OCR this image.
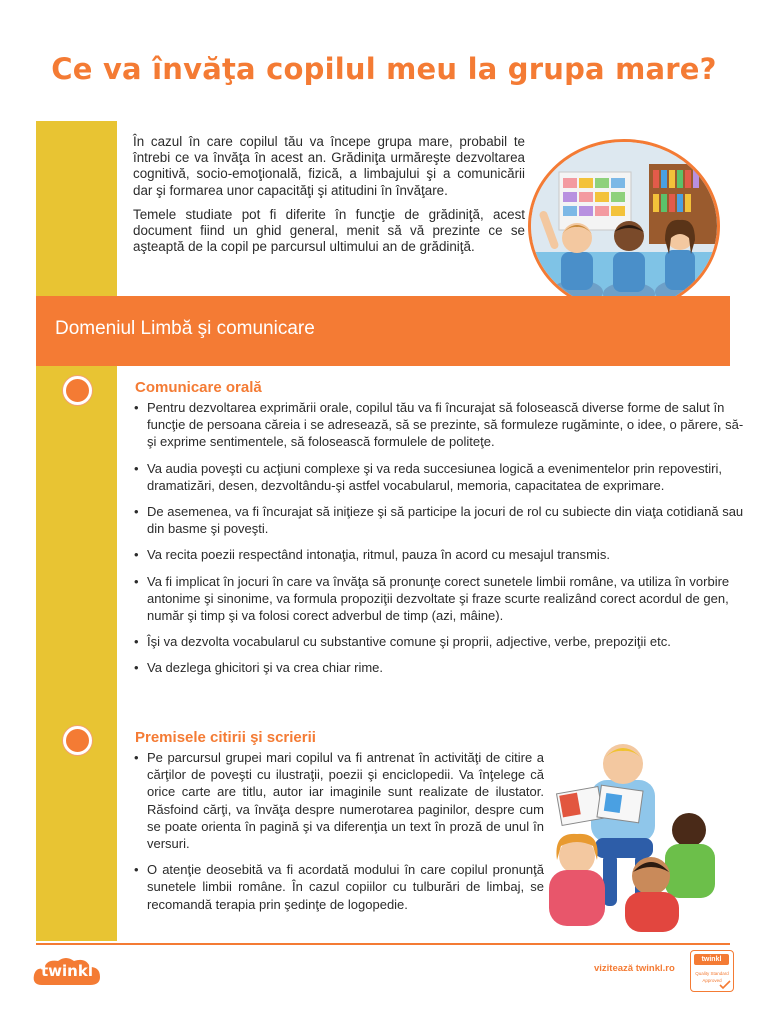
Ce va învăţa copilul meu la grupa mare?

În cazul în care copilul tău va începe grupa mare, probabil te întrebi ce va învăţa în acest an. Grădiniţa urmăreşte dezvoltarea cognitivă, socio-emoţională, fizică, a limbajului şi a comunicării dar şi formarea unor capacităţi şi atitudini în învăţare.

Temele studiate pot fi diferite în funcţie de grădiniţă, acest document fiind un ghid general, menit să vă prezinte ce se aşteaptă de la copil pe parcursul ultimului an de grădiniţă.

Domeniul Limbă şi comunicare
Comunicare orală
• Pentru dezvoltarea exprimării orale, copilul tău va fi încurajat să folosească diverse forme de salut în funcţie de persoana căreia i se adresează, să se prezinte, să formuleze rugăminte, o idee, o părere, să-şi exprime sentimentele, să folosească formulele de politeţe.
• Va audia poveşti cu acţiuni complexe şi va reda succesiunea logică a evenimentelor prin repovestiri, dramatizări, desen, dezvoltându-şi astfel vocabularul, memoria, capacitatea de exprimare.
• De asemenea, va fi încurajat să iniţieze şi să participe la jocuri de rol cu subiecte din viaţa cotidiană sau din basme şi poveşti.
• Va recita poezii respectând intonaţia, ritmul, pauza în acord cu mesajul transmis.
• Va fi implicat în jocuri în care va învăţa să pronunţe corect sunetele limbii române, va utiliza în vorbire antonime şi sinonime, va formula propoziţii dezvoltate şi fraze scurte realizând corect acordul de gen, număr şi timp şi va folosi corect adverbul de timp (azi, mâine).
• Îşi va dezvolta vocabularul cu substantive comune şi proprii, adjective, verbe, prepoziţii etc.
• Va dezlega ghicitori şi va crea chiar rime.
Premisele citirii şi scrierii
• Pe parcursul grupei mari copilul va fi antrenat în activităţi de citire a cărţilor de poveşti cu ilustraţii, poezii şi enciclopedii. Va înţelege că orice carte are titlu, autor iar imaginile sunt realizate de ilustator. Răsfoind cărţi, va învăţa despre numerotarea paginilor, despre cum se poate orienta în pagină şi va diferenţia un text în proză de unul în versuri.
• O atenţie deosebită va fi acordată modului în care copilul pronunţă sunetele limbii române. În cazul copiilor cu tulburări de limbaj, se recomandă terapia prin şedinţe de logopedie.
twinkl	vizitează twinkl.ro
twinkl
Quality Standard
Approved
